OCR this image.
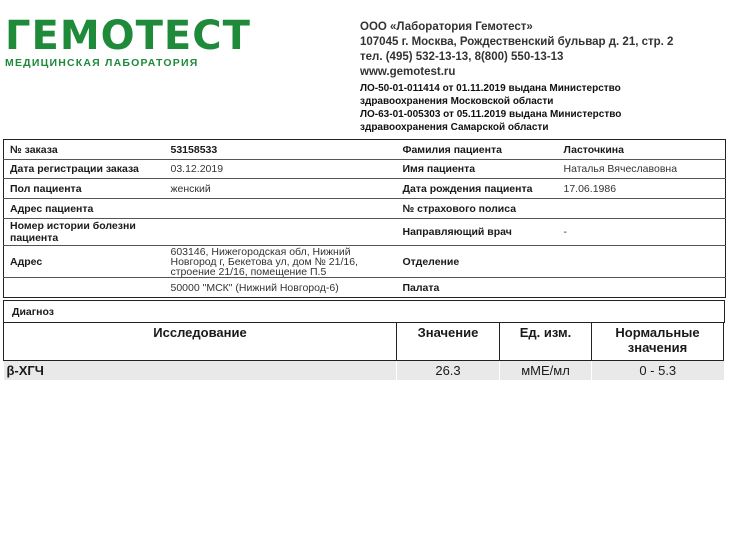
ГЕМОТЕСТ
МЕДИЦИНСКАЯ ЛАБОРАТОРИЯ
ООО «Лаборатория Гемотест»
107045 г. Москва, Рождественский бульвар д. 21, стр. 2
тел. (495) 532-13-13, 8(800) 550-13-13
www.gemotest.ru
ЛО-50-01-011414 от 01.11.2019 выдана Министерство
здравоохранения Московской области
ЛО-63-01-005303 от 05.11.2019 выдана Министерство
здравоохранения Самарской области
№ заказа	53158533	Фамилия пациента	Ласточкина
Дата регистрации заказа	03.12.2019	Имя пациента	Наталья Вячеславовна
Пол пациента	женский	Дата рождения пациента	17.06.1986
Адрес пациента		№ страхового полиса	
Номер истории болезни пациента		Направляющий врач	-
Адрес	603146, Нижегородская обл, Нижний Новгород г, Бекетова ул, дом № 21/16, строение 21/16, помещение П.5	Отделение	
	50000 "МСК" (Нижний Новгород-6)	Палата	
Диагноз
Исследование	Значение	Ед. изм.	Нормальные значения
β-ХГЧ	26.3	мМЕ/мл	0 - 5.3
